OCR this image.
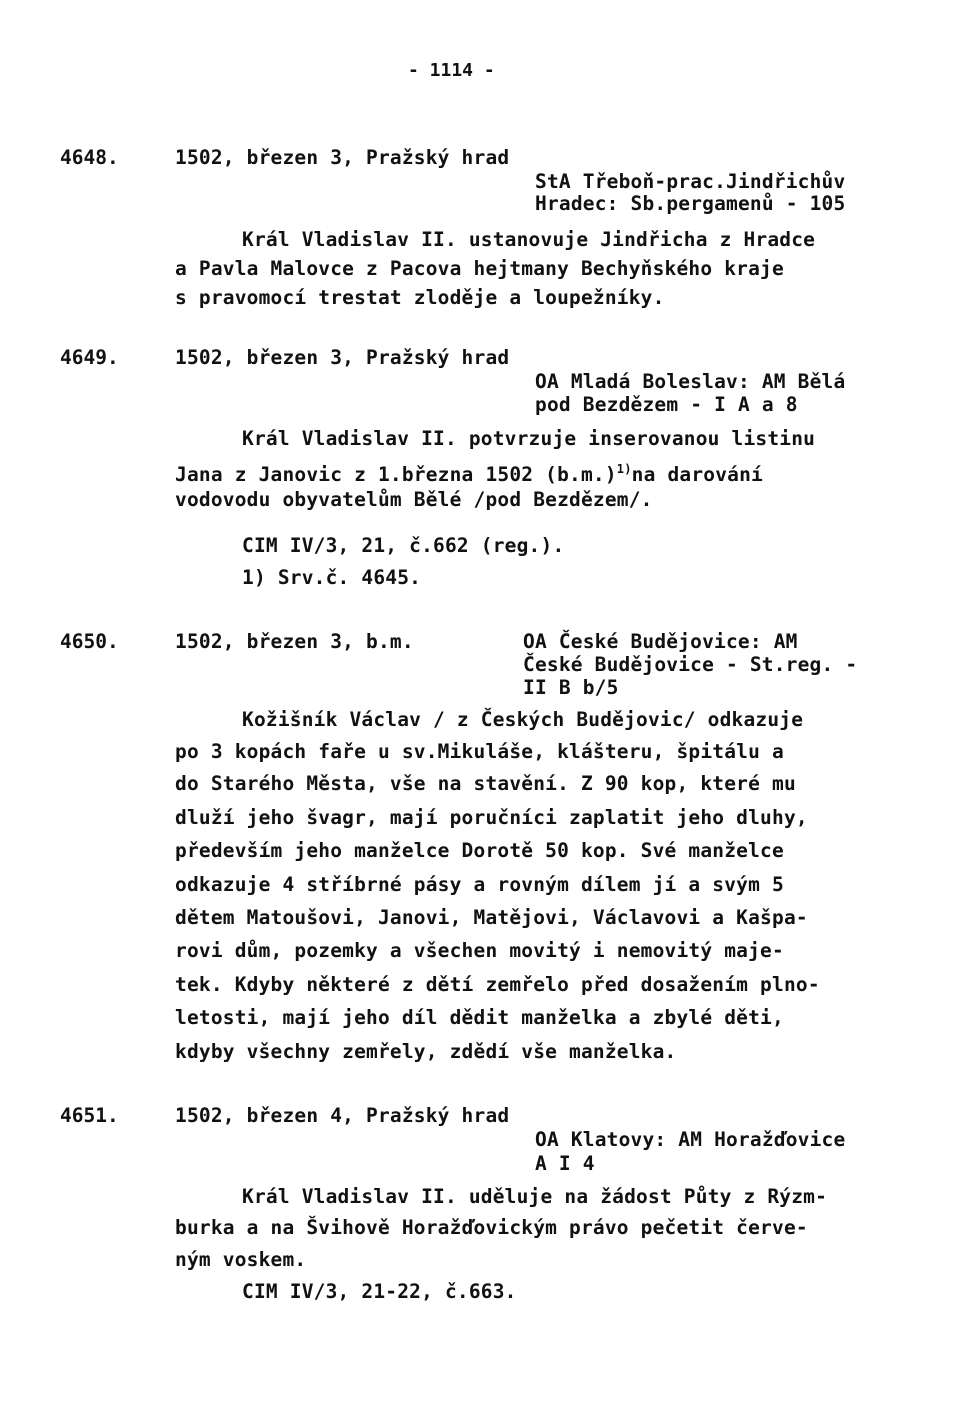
- 1114 -
4648.	1502, březen 3, Pražský hrad
StA Třeboň-prac.Jindřichův
Hradec: Sb.pergamenů - 105
Král Vladislav II. ustanovuje Jindřicha z Hradce
a Pavla Malovce z Pacova hejtmany Bechyňského kraje
s pravomocí trestat zloděje a loupežníky.
4649.	1502, březen 3, Pražský hrad
OA Mladá Boleslav: AM Bělá
pod Bezdězem - I A a 8
Král Vladislav II. potvrzuje inserovanou listinu
Jana z Janovic z 1.března 1502 $(b.m.)^{1)}na$ darování
vodovodu obyvatelům Bělé /pod Bezdězem/.
CIM IV/3, 21, č.662 (reg.).
1) Srv.č. 4645.
4650.	1502, březen 3, b.m.	OA České Budějovice: AM
České Budějovice - St.reg. -
II B b/5
Kožišník Václav / z Českých Budějovic/ odkazuje
po 3 kopách faře u sv.Mikuláše, klášteru, špitálu a
do Starého Města, vše na stavění. Z 90 kop, které mu
dluží jeho švagr, mají poručníci zaplatit jeho dluhy,
především jeho manželce Dorotě 50 kop. Své manželce
odkazuje 4 stříbrné pásy a rovným dílem jí a svým 5
dětem Matoušovi, Janovi, Matějovi, Václavovi a Kašpa-
rovi dům, pozemky a všechen movitý i nemovitý maje-
tek. Kdyby některé z dětí zemřelo před dosažením plno-
letosti, mají jeho díl dědit manželka a zbylé děti,
kdyby všechny zemřely, zdědí vše manželka.
4651.	1502, březen 4, Pražský hrad
OA Klatovy: AM Horažďovice
A I 4
Král Vladislav II. uděluje na žádost Půty z Rýzm-
burka a na Švihově Horažďovickým právo pečetit červe-
ným voskem.
CIM IV/3, 21-22, č.663.
